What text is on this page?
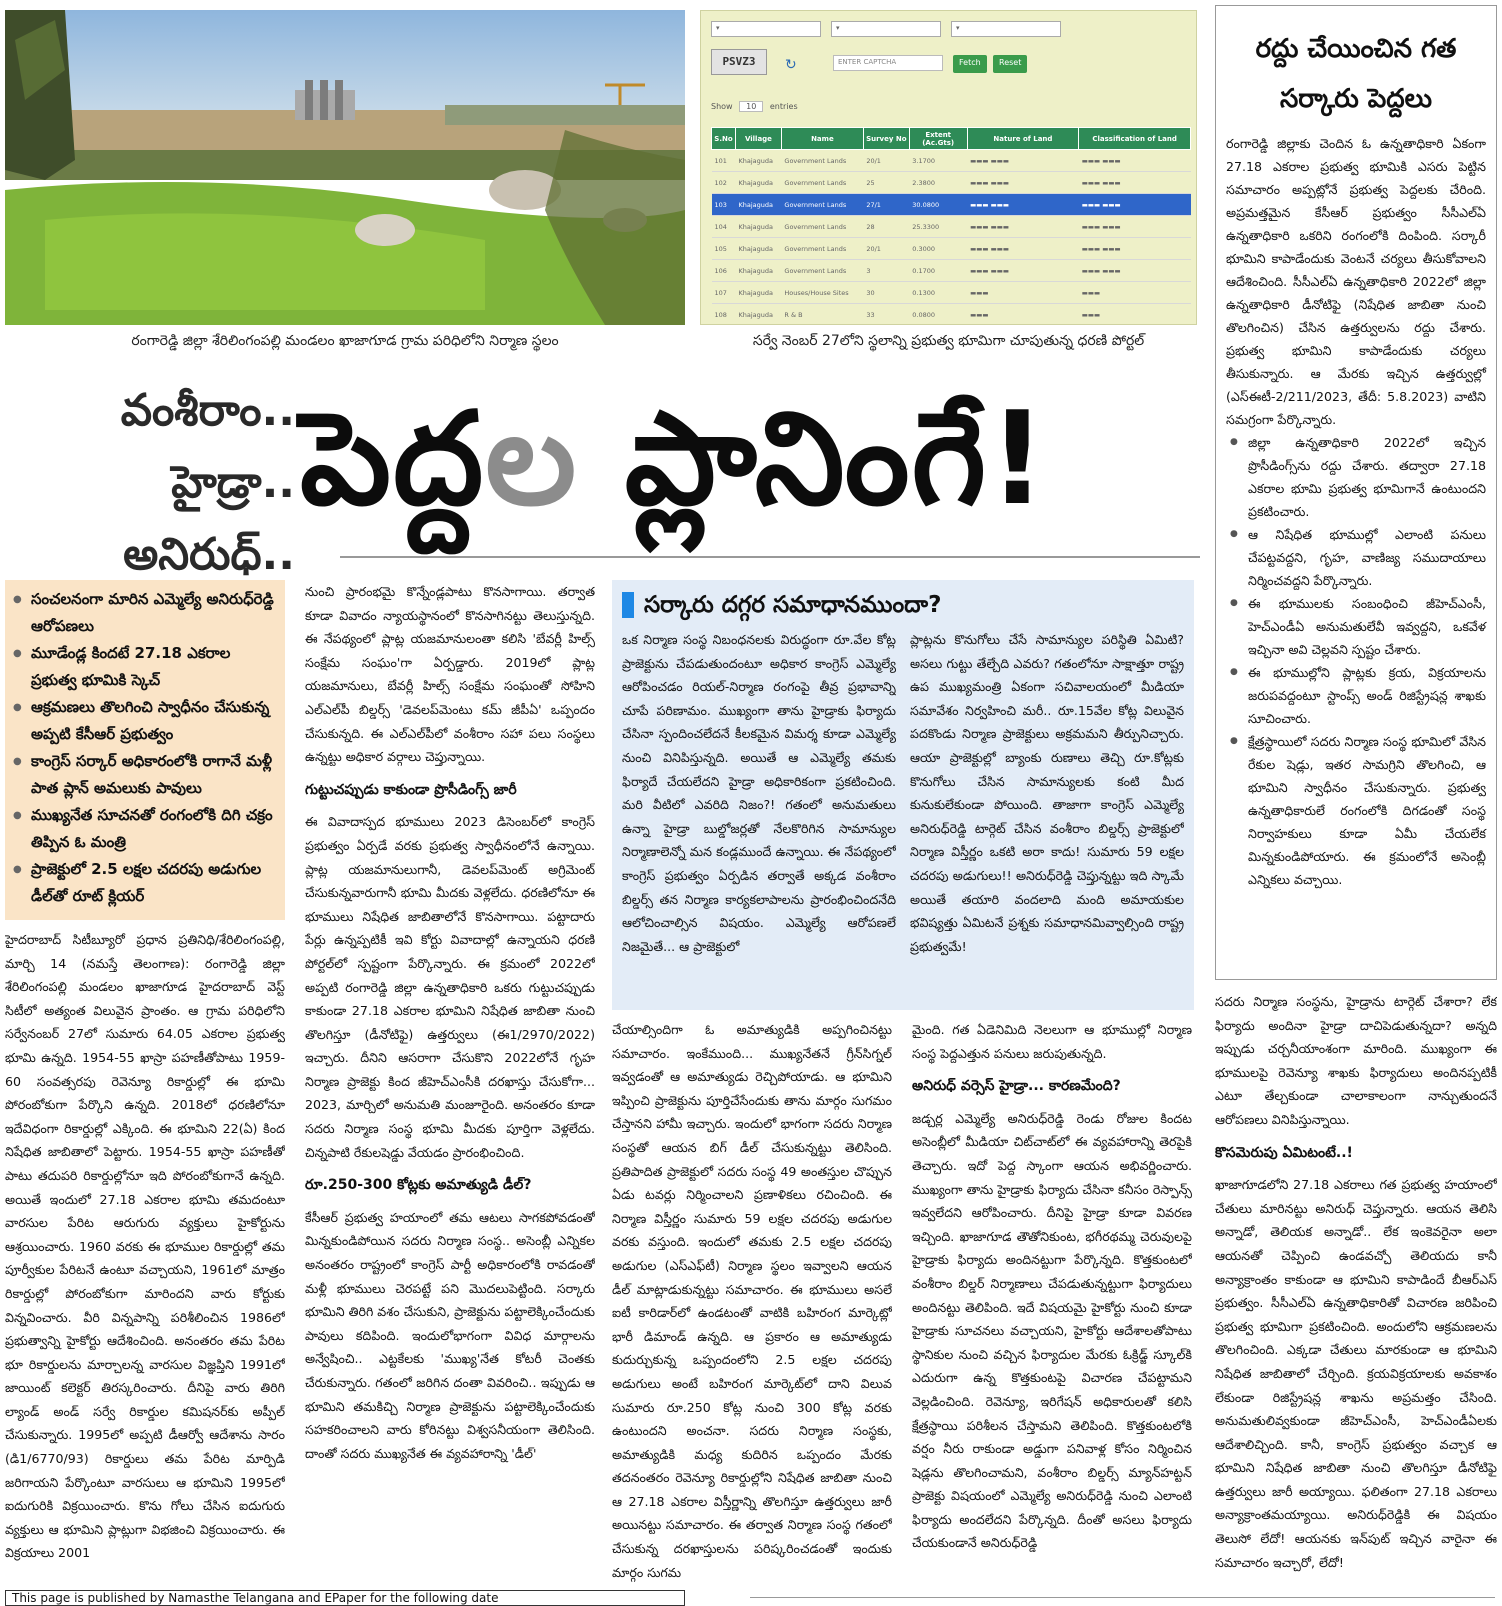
▾	▾	▾
PSVZ3	↻	ENTER CAPTCHA	Fetch	Reset
Show 10 entries
S.No	Village	Name	Survey No	Extent (Ac.Gts)	Nature of Land	Classification of Land
101	Khajaguda	Government Lands	20/1	3.1700	▬▬▬ ▬▬▬	▬▬▬ ▬▬▬
102	Khajaguda	Government Lands	25	2.3800	▬▬▬ ▬▬▬	▬▬▬ ▬▬▬
103	Khajaguda	Government Lands	27/1	30.0800	▬▬▬ ▬▬▬	▬▬▬ ▬▬▬
104	Khajaguda	Government Lands	28	25.3300	▬▬▬ ▬▬▬	▬▬▬ ▬▬▬
105	Khajaguda	Government Lands	20/1	0.3000	▬▬▬ ▬▬▬	▬▬▬ ▬▬▬
106	Khajaguda	Government Lands	3	0.1700	▬▬▬ ▬▬▬	▬▬▬ ▬▬▬
107	Khajaguda	Houses/House Sites	30	0.1300	▬▬▬	▬▬▬
108	Khajaguda	R & B	33	0.0800	▬▬▬	▬▬▬
రంగారెడ్డి జిల్లా శేరిలింగంపల్లి మండలం ఖాజాగూడ గ్రామ పరిధిలోని నిర్మాణ స్థలం	సర్వే నెంబర్ 27లోని స్థలాన్ని ప్రభుత్వ భూమిగా చూపుతున్న ధరణి పోర్టల్
రద్దు చేయించిన గత సర్కారు పెద్దలు
రంగారెడ్డి జిల్లాకు చెందిన ఓ ఉన్నతాధికారి ఏకంగా 27.18 ఎకరాల ప్రభుత్వ భూమికి ఎసరు పెట్టిన సమాచారం అప్పట్లోనే ప్రభుత్వ పెద్దలకు చేరింది. అప్రమత్తమైన కేసీఆర్ ప్రభుత్వం సీసీఎల్‌ఏ ఉన్నతాధికారి ఒకరిని రంగంలోకి దింపింది. సర్కారీ భూమిని కాపాడేందుకు వెంటనే చర్యలు తీసుకోవాలని ఆదేశించింది. సీసీఎల్‌ఏ ఉన్నతాధికారి 2022లో జిల్లా ఉన్నతాధికారి డీనోటిఫై (నిషేధిత జాబితా నుంచి తొలగించిన) చేసిన ఉత్తర్వులను రద్దు చేశారు. ప్రభుత్వ భూమిని కాపాడేందుకు చర్యలు తీసుకున్నారు. ఆ మేరకు ఇచ్చిన ఉత్తర్వుల్లో (ఎస్‌ఈటీ-2/211/2023, తేదీ: 5.8.2023) వాటిని సమగ్రంగా పేర్కొన్నారు.
● జిల్లా ఉన్నతాధికారి 2022లో ఇచ్చిన ప్రొసీడింగ్స్‌ను రద్దు చేశారు. తద్వారా 27.18 ఎకరాల భూమి ప్రభుత్వ భూమిగానే ఉంటుందని ప్రకటించారు.
● ఆ నిషేధిత భూముల్లో ఎలాంటి పనులు చేపట్టవద్దని, గృహ, వాణిజ్య సముదాయాలు నిర్మించవద్దని పేర్కొన్నారు.
● ఈ భూములకు సంబంధించి జీహెచ్‌ఎంసీ, హెచ్‌ఎండీఏ అనుమతులేవీ ఇవ్వద్దని, ఒకవేళ ఇచ్చినా అవి చెల్లవని స్పష్టం చేశారు.
● ఈ భూముల్లోని ప్లాట్లకు క్రయ, విక్రయాలను జరుపవద్దంటూ స్టాంప్స్ అండ్ రిజిస్ట్రేషన్ల శాఖకు సూచించారు.
● క్షేత్రస్థాయిలో సదరు నిర్మాణ సంస్థ భూమిలో వేసిన రేకుల షెడ్లు, ఇతర సామగ్రిని తొలగించి, ఆ భూమిని స్వాధీనం చేసుకున్నారు. ప్రభుత్వ ఉన్నతాధికారులే రంగంలోకి దిగడంతో సంస్థ నిర్వాహకులు కూడా ఏమీ చేయలేక మిన్నకుండిపోయారు. ఈ క్రమంలోనే అసెంబ్లీ ఎన్నికలు వచ్చాయి.
వంశీరాం..
హైడ్రా..
అనిరుధ్..
పెద్దల ప్లానింగే!
● సంచలనంగా మారిన ఎమ్మెల్యే అనిరుధ్‌రెడ్డి ఆరోపణలు
● మూడేండ్ల కిందటే 27.18 ఎకరాల ప్రభుత్వ భూమికి స్కెచ్
● ఆక్రమణలు తొలగించి స్వాధీనం చేసుకున్న అప్పటి కేసీఆర్ ప్రభుత్వం
● కాంగ్రెస్ సర్కార్ అధికారంలోకి రాగానే మళ్లీ పాత ప్లాన్ అమలుకు పావులు
● ముఖ్యనేత సూచనతో రంగంలోకి దిగి చక్రం తిప్పిన ఓ మంత్రి
● ప్రాజెక్టులో 2.5 లక్షల చదరపు అడుగుల డీల్‌తో రూట్ క్లియర్
హైదరాబాద్ సిటీబ్యూరో ప్రధాన ప్రతినిధి/శేరిలింగంపల్లి, మార్చి 14 (నమస్తే తెలంగాణ): రంగారెడ్డి జిల్లా శేరిలింగంపల్లి మండలం ఖాజాగూడ హైదరాబాద్ వెస్ట్ సిటీలో అత్యంత విలువైన ప్రాంతం. ఆ గ్రామ పరిధిలోని సర్వేనంబర్ 27లో సుమారు 64.05 ఎకరాల ప్రభుత్వ భూమి ఉన్నది. 1954-55 ఖాస్రా పహణీతోపాటు 1959-60 సంవత్సరపు రెవెన్యూ రికార్డుల్లో ఈ భూమి పోరంబోకుగా పేర్కొని ఉన్నది. 2018లో ధరణిలోనూ ఇదేవిధంగా రికార్డుల్లో ఎక్కింది. ఈ భూమిని 22(ఏ) కింద నిషేధిత జాబితాలో పెట్టారు. 1954-55 ఖాస్రా పహణీతో పాటు తదుపరి రికార్డుల్లోనూ ఇది పోరంబోకుగానే ఉన్నది. అయితే ఇందులో 27.18 ఎకరాల భూమి తమదంటూ వారసుల పేరిట ఆరుగురు వ్యక్తులు హైకోర్టును ఆశ్రయించారు. 1960 వరకు ఈ భూముల రికార్డుల్లో తమ పూర్వీకుల పేరిటనే ఉంటూ వచ్చాయని, 1961లో మాత్రం రికార్డుల్లో పోరంబోకుగా మారిందని వారు కోర్టుకు విన్నవించారు. వీరి విన్నపాన్ని పరిశీలించిన 1986లో ప్రభుత్వాన్ని హైకోర్టు ఆదేశించింది. అనంతరం తమ పేరిట భూ రికార్డులను మార్చాలన్న వారసుల విజ్ఞప్తిని 1991లో జాయింట్ కలెక్టర్ తిరస్కరించారు. దీనిపై వారు తిరిగి ల్యాండ్ అండ్ సర్వే రికార్డుల కమిషనర్‌కు అప్పీల్ చేసుకున్నారు. 1995లో అప్పటి డీఆర్వో ఆదేశాను సారం (డి1/6770/93) రికార్డులు తమ పేరిట మార్పిడి జరిగాయని పేర్కొంటూ వారసులు ఆ భూమిని 1995లో ఐదుగురికి విక్రయించారు. కొను గోలు చేసిన ఐదుగురు వ్యక్తులు ఆ భూమిని ప్లాట్లుగా విభజించి విక్రయించారు. ఈ విక్రయాలు 2001
నుంచి ప్రారంభమై కొన్నేండ్లపాటు కొనసాగాయి. తర్వాత కూడా వివాదం న్యాయస్థానంలో కొనసాగినట్టు తెలుస్తున్నది. ఈ నేపథ్యంలో ప్లాట్ల యజమానులంతా కలిసి 'బేవర్లీ హిల్స్ సంక్షేమ సంఘం'గా ఏర్పడ్డారు. 2019లో ప్లాట్ల యజమానులు, బేవర్లీ హిల్స్ సంక్షేమ సంఘంతో సోహిని ఎల్‌ఎల్‌పీ బిల్డర్స్ 'డెవలప్‌మెంటు కమ్ జీపీఏ' ఒప్పందం చేసుకున్నది. ఈ ఎల్‌ఎల్‌పీలో వంశీరాం సహా పలు సంస్థలు ఉన్నట్టు అధికార వర్గాలు చెప్తున్నాయి.
గుట్టుచప్పుడు కాకుండా ప్రొసీడింగ్స్ జారీ
ఈ వివాదాస్పద భూములు 2023 డిసెంబర్‌లో కాంగ్రెస్ ప్రభుత్వం ఏర్పడే వరకు ప్రభుత్వ స్వాధీనంలోనే ఉన్నాయి. ప్లాట్ల యజమానులుగానీ, డెవలప్‌మెంట్ అగ్రిమెంట్ చేసుకున్నవారుగానీ భూమి మీదకు వెళ్లలేదు. ధరణిలోనూ ఈ భూములు నిషేధిత జాబితాలోనే కొనసాగాయి. పట్టాదారు పేర్లు ఉన్నప్పటికీ ఇవి కోర్టు వివాదాల్లో ఉన్నాయని ధరణి పోర్టల్‌లో స్పష్టంగా పేర్కొన్నారు. ఈ క్రమంలో 2022లో అప్పటి రంగారెడ్డి జిల్లా ఉన్నతాధికారి ఒకరు గుట్టుచప్పుడు కాకుండా 27.18 ఎకరాల భూమిని నిషేధిత జాబితా నుంచి తొలగిస్తూ (డీనోటిఫై) ఉత్తర్వులు (ఈ1/2970/2022) ఇచ్చారు. దీనిని ఆసరాగా చేసుకొని 2022లోనే గృహ నిర్మాణ ప్రాజెక్టు కింద జీహెచ్‌ఎంసీకి దరఖాస్తు చేసుకోగా... 2023, మార్చిలో అనుమతి మంజూరైంది. అనంతరం కూడా సదరు నిర్మాణ సంస్థ భూమి మీదకు పూర్తిగా వెళ్లలేదు. చిన్నపాటి రేకులషెడ్డు వేయడం ప్రారంభించింది.
రూ.250-300 కోట్లకు అమాత్యుడి డీల్?
కేసీఆర్ ప్రభుత్వ హయాంలో తమ ఆటలు సాగకపోవడంతో మిన్నకుండిపోయిన సదరు నిర్మాణ సంస్థ.. అసెంబ్లీ ఎన్నికల అనంతరం రాష్ట్రంలో కాంగ్రెస్ పార్టీ అధికారంలోకి రావడంతో మళ్లీ భూములు చెరపట్టే పని మొదలుపెట్టింది. సర్కారు భూమిని తిరిగి వశం చేసుకుని, ప్రాజెక్టును పట్టాలెక్కించేందుకు పావులు కదిపింది. ఇందులోభాగంగా వివిధ మార్గాలను అన్వేషించి.. ఎట్టకేలకు 'ముఖ్య'నేత కోటరీ చెంతకు చేరుకున్నారు. గతంలో జరిగిన దంతా వివరించి.. ఇప్పుడు ఆ భూమిని తమకిచ్చి నిర్మాణ ప్రాజెక్టును పట్టాలెక్కించేందుకు సహకరించాలని వారు కోరినట్టు విశ్వసనీయంగా తెలిసింది. దాంతో సదరు ముఖ్యనేత ఈ వ్యవహారాన్ని 'డీల్'
సర్కారు దగ్గర సమాధానముందా?
ఒక నిర్మాణ సంస్థ నిబంధనలకు విరుద్ధంగా రూ.వేల కోట్ల ప్రాజెక్టును చేపడుతుందంటూ అధికార కాంగ్రెస్ ఎమ్మెల్యే ఆరోపించడం రియల్-నిర్మాణ రంగంపై తీవ్ర ప్రభావాన్ని చూపే పరిణామం. ముఖ్యంగా తాను హైడ్రాకు ఫిర్యాదు చేసినా స్పందించలేదనే కీలకమైన విమర్శ కూడా ఎమ్మెల్యే నుంచి వినిపిస్తున్నది. అయితే ఆ ఎమ్మెల్యే తమకు ఫిర్యాదే చేయలేదని హైడ్రా అధికారికంగా ప్రకటించింది. మరి వీటిలో ఎవరిది నిజం?! గతంలో అనుమతులు ఉన్నా హైడ్రా బుల్డోజర్లతో నేలకొరిగిన సామాన్యుల నిర్మాణాలెన్నో మన కండ్లముందే ఉన్నాయి. ఈ నేపథ్యంలో కాంగ్రెస్ ప్రభుత్వం ఏర్పడిన తర్వాతే అక్కడ వంశీరాం బిల్డర్స్ తన నిర్మాణ కార్యకలాపాలను ప్రారంభించిందనేది ఆలోచించాల్సిన విషయం. ఎమ్మెల్యే ఆరోపణలే నిజమైతే... ఆ ప్రాజెక్టులో
ప్లాట్లను కొనుగోలు చేసే సామాన్యుల పరిస్థితి ఏమిటి? అసలు గుట్టు తేల్చేది ఎవరు? గతంలోనూ సాక్షాత్తూ రాష్ట్ర ఉప ముఖ్యమంత్రి ఏకంగా సచివాలయంలో మీడియా సమావేశం నిర్వహించి మరీ.. రూ.15వేల కోట్ల విలువైన పదకొండు నిర్మాణ ప్రాజెక్టులు అక్రమమని తీర్పునిచ్చారు. ఆయా ప్రాజెక్టుల్లో బ్యాంకు రుణాలు తెచ్చి రూ.కోట్లకు కొనుగోలు చేసిన సామాన్యులకు కంటి మీద కునుకులేకుండా పోయింది. తాజాగా కాంగ్రెస్ ఎమ్మెల్యే అనిరుధ్‌రెడ్డి టార్గెట్ చేసిన వంశీరాం బిల్డర్స్ ప్రాజెక్టులో నిర్మాణ విస్తీర్ణం ఒకటి అరా కాదు! సుమారు 59 లక్షల చదరపు అడుగులు!! అనిరుధ్‌రెడ్డి చెప్తున్నట్టు ఇది స్కామే అయితే తయారి వందలాది మంది అమాయకుల భవిష్యత్తు ఏమిటనే ప్రశ్నకు సమాధానమివ్వాల్సింది రాష్ట్ర ప్రభుత్వమే!
చేయాల్సిందిగా ఓ అమాత్యుడికి అప్పగించినట్టు సమాచారం. ఇంకేముంది... ముఖ్యనేతనే గ్రీన్‌సిగ్నల్ ఇవ్వడంతో ఆ అమాత్యుడు రెచ్చిపోయాడు. ఆ భూమిని ఇప్పించి ప్రాజెక్టును పూర్తిచేసేందుకు తాను మార్గం సుగమం చేస్తానని హామీ ఇచ్చారు. ఇందులో భాగంగా సదరు నిర్మాణ సంస్థతో ఆయన బిగ్ డీల్ చేసుకున్నట్టు తెలిసింది. ప్రతిపాదిత ప్రాజెక్టులో సదరు సంస్థ 49 అంతస్తుల చొప్పున ఏడు టవర్లు నిర్మించాలని ప్రణాళికలు రచించింది. ఈ నిర్మాణ విస్తీర్ణం సుమారు 59 లక్షల చదరపు అడుగుల వరకు వస్తుంది. ఇందులో తమకు 2.5 లక్షల చదరపు అడుగుల (ఎస్‌ఎఫ్‌టీ) నిర్మాణ స్థలం ఇవ్వాలని ఆయన డీల్ మాట్లాడుకున్నట్టు సమాచారం. ఈ భూములు అసలే ఐటీ కారిడార్‌లో ఉండటంతో వాటికి బహిరంగ మార్కెట్లో భారీ డిమాండ్ ఉన్నది. ఆ ప్రకారం ఆ అమాత్యుడు కుదుర్చుకున్న ఒప్పందంలోని 2.5 లక్షల చదరపు అడుగులు అంటే బహిరంగ మార్కెట్‌లో దాని విలువ సుమారు రూ.250 కోట్ల నుంచి 300 కోట్ల వరకు ఉంటుందని అంచనా. సదరు నిర్మాణ సంస్థకు, అమాత్యుడికి మధ్య కుదిరిన ఒప్పందం మేరకు తదనంతరం రెవెన్యూ రికార్డుల్లోని నిషేధిత జాబితా నుంచి ఆ 27.18 ఎకరాల విస్తీర్ణాన్ని తొలగిస్తూ ఉత్తర్వులు జారీ అయినట్టు సమాచారం. ఈ తర్వాత నిర్మాణ సంస్థ గతంలో చేసుకున్న దరఖాస్తులను పరిష్కరించడంతో ఇందుకు మార్గం సుగమ
మైంది. గత ఏడెనిమిది నెలలుగా ఆ భూముల్లో నిర్మాణ సంస్థ పెద్దఎత్తున పనులు జరుపుతున్నది.
అనిరుధ్ వర్సెస్ హైడ్రా... కారణమేంది?
జడ్చర్ల ఎమ్మెల్యే అనిరుధ్‌రెడ్డి రెండు రోజుల కిందట అసెంబ్లీలో మీడియా చిట్‌చాట్‌లో ఈ వ్యవహారాన్ని తెరపైకి తెచ్చారు. ఇదో పెద్ద స్కాంగా ఆయన అభివర్ణించారు. ముఖ్యంగా తాను హైడ్రాకు ఫిర్యాదు చేసినా కనీసం రెస్పాన్స్ ఇవ్వలేదని ఆరోపించారు. దీనిపై హైడ్రా కూడా వివరణ ఇచ్చింది. ఖాజాగూడ తౌతోనికుంట, భగీరథమ్మ చెరువులపై హైడ్రాకు ఫిర్యాదు అందినట్టుగా పేర్కొన్నది. కొత్తకుంటలో వంశీరాం బిల్డర్ నిర్మాణాలు చేపడుతున్నట్టుగా ఫిర్యాదులు అందినట్టు తెలిపింది. ఇదే విషయమై హైకోర్టు నుంచి కూడా హైడ్రాకు సూచనలు వచ్చాయని, హైకోర్టు ఆదేశాలతోపాటు స్థానికుల నుంచి వచ్చిన ఫిర్యాదుల మేరకు ఓక్రిడ్జ్ స్కూల్‌కి ఎదురుగా ఉన్న కొత్తకుంటపై విచారణ చేపట్టామని వెల్లడించింది. రెవెన్యూ, ఇరిగేషన్ అధికారులతో కలిసి క్షేత్రస్థాయి పరిశీలన చేస్తామని తెలిపింది. కొత్తకుంటలోకి వర్షం నీరు రాకుండా అడ్డుగా పనివాళ్ల కోసం నిర్మించిన షెడ్లను తొలగించామని, వంశీరాం బిల్డర్స్ మ్యాన్‌హట్టన్ ప్రాజెక్టు విషయంలో ఎమ్మెల్యే అనిరుధ్‌రెడ్డి నుంచి ఎలాంటి ఫిర్యాదు అందలేదని పేర్కొన్నది. దీంతో అసలు ఫిర్యాదు చేయకుండానే అనిరుధ్‌రెడ్డి
సదరు నిర్మాణ సంస్థను, హైడ్రాను టార్గెట్ చేశారా? లేక ఫిర్యాదు అందినా హైడ్రా దాచిపెడుతున్నదా? అన్నది ఇప్పుడు చర్చనీయాంశంగా మారింది. ముఖ్యంగా ఈ భూములపై రెవెన్యూ శాఖకు ఫిర్యాదులు అందినప్పటికీ ఎటూ తేల్చకుండా చాలాకాలంగా నాన్చుతుందనే ఆరోపణలు వినిపిస్తున్నాయి.
కొసమెరుపు ఏమిటంటే..!
ఖాజాగూడలోని 27.18 ఎకరాలు గత ప్రభుత్వ హయాంలో చేతులు మారినట్టు అనిరుధ్ చెప్తున్నారు. ఆయన తెలిసి అన్నాడో, తెలియక అన్నాడో.. లేక ఇంకెవరైనా అలా ఆయనతో చెప్పించి ఉండవచ్చో తెలియదు కానీ అన్యాక్రాంతం కాకుండా ఆ భూమిని కాపాడిందే బీఆర్‌ఎస్ ప్రభుత్వం. సీసీఎల్‌ఏ ఉన్నతాధికారితో విచారణ జరిపించి ప్రభుత్వ భూమిగా ప్రకటించింది. అందులోని ఆక్రమణలను తొలగించింది. ఎక్కడా చేతులు మారకుండా ఆ భూమిని నిషేధిత జాబితాలో చేర్చింది. క్రయవిక్రయాలకు అవకాశం లేకుండా రిజిస్ట్రేషన్ల శాఖను అప్రమత్తం చేసింది. అనుమతులివ్వకుండా జీహెచ్‌ఎంసీ, హెచ్‌ఎండీఏలకు ఆదేశాలిచ్చింది. కానీ, కాంగ్రెస్ ప్రభుత్వం వచ్చాక ఆ భూమిని నిషేధిత జాబితా నుంచి తొలగిస్తూ డీనోటిఫై ఉత్తర్వులు జారీ అయ్యాయి. ఫలితంగా 27.18 ఎకరాలు అన్యాక్రాంతమయ్యాయి. అనిరుధ్‌రెడ్డికి ఈ విషయం తెలుసో లేదో! ఆయనకు ఇన్‌పుట్ ఇచ్చిన వారైనా ఈ సమాచారం ఇచ్చారో, లేదో!
This page is published by Namasthe Telangana and EPaper for the following date
